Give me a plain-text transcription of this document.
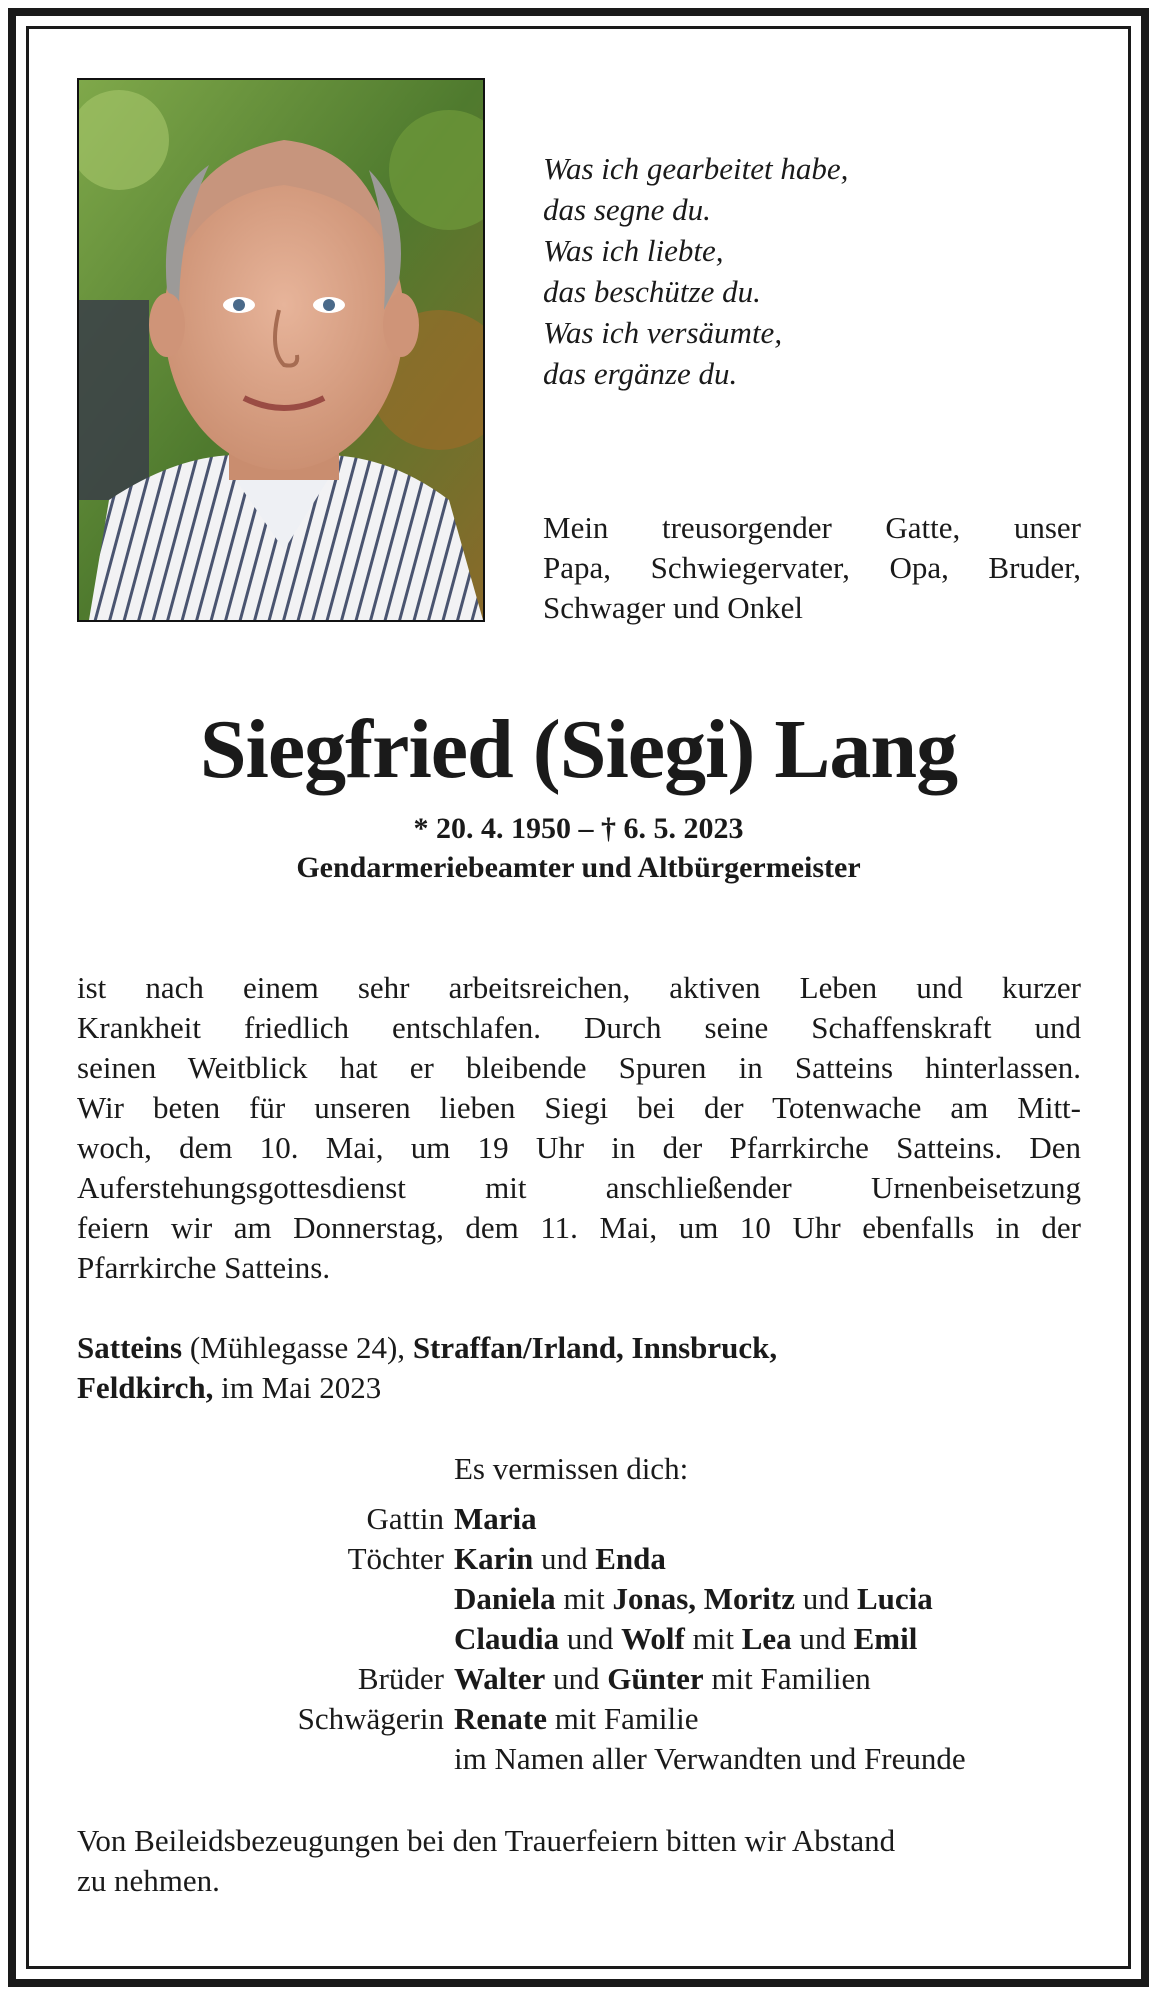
Was ich gearbeitet habe,
das segne du.
Was ich liebte,
das beschütze du.
Was ich versäumte,
das ergänze du.
Mein treusorgender Gatte, unser
Papa, Schwiegervater, Opa, Bruder,
Schwager und Onkel
Siegfried (Siegi) Lang
* 20. 4. 1950 – † 6. 5. 2023
Gendarmeriebeamter und Altbürgermeister
ist nach einem sehr arbeitsreichen, aktiven Leben und kurzer
Krankheit friedlich entschlafen. Durch seine Schaffenskraft und
seinen Weitblick hat er bleibende Spuren in Satteins hinterlassen.
Wir beten für unseren lieben Siegi bei der Totenwache am Mitt-
woch, dem 10. Mai, um 19 Uhr in der Pfarrkirche Satteins. Den
Auferstehungsgottesdienst mit anschließender Urnenbeisetzung
feiern wir am Donnerstag, dem 11. Mai, um 10 Uhr ebenfalls in der
Pfarrkirche Satteins.
Satteins (Mühlegasse 24), Straffan/Irland, Innsbruck,
Feldkirch, im Mai 2023
Es vermissen dich:
Gattin Maria
Töchter Karin und Enda
Daniela mit Jonas, Moritz und Lucia
Claudia und Wolf mit Lea und Emil
Brüder Walter und Günter mit Familien
Schwägerin Renate mit Familie
im Namen aller Verwandten und Freunde
Von Beileidsbezeugungen bei den Trauerfeiern bitten wir Abstand
zu nehmen.
